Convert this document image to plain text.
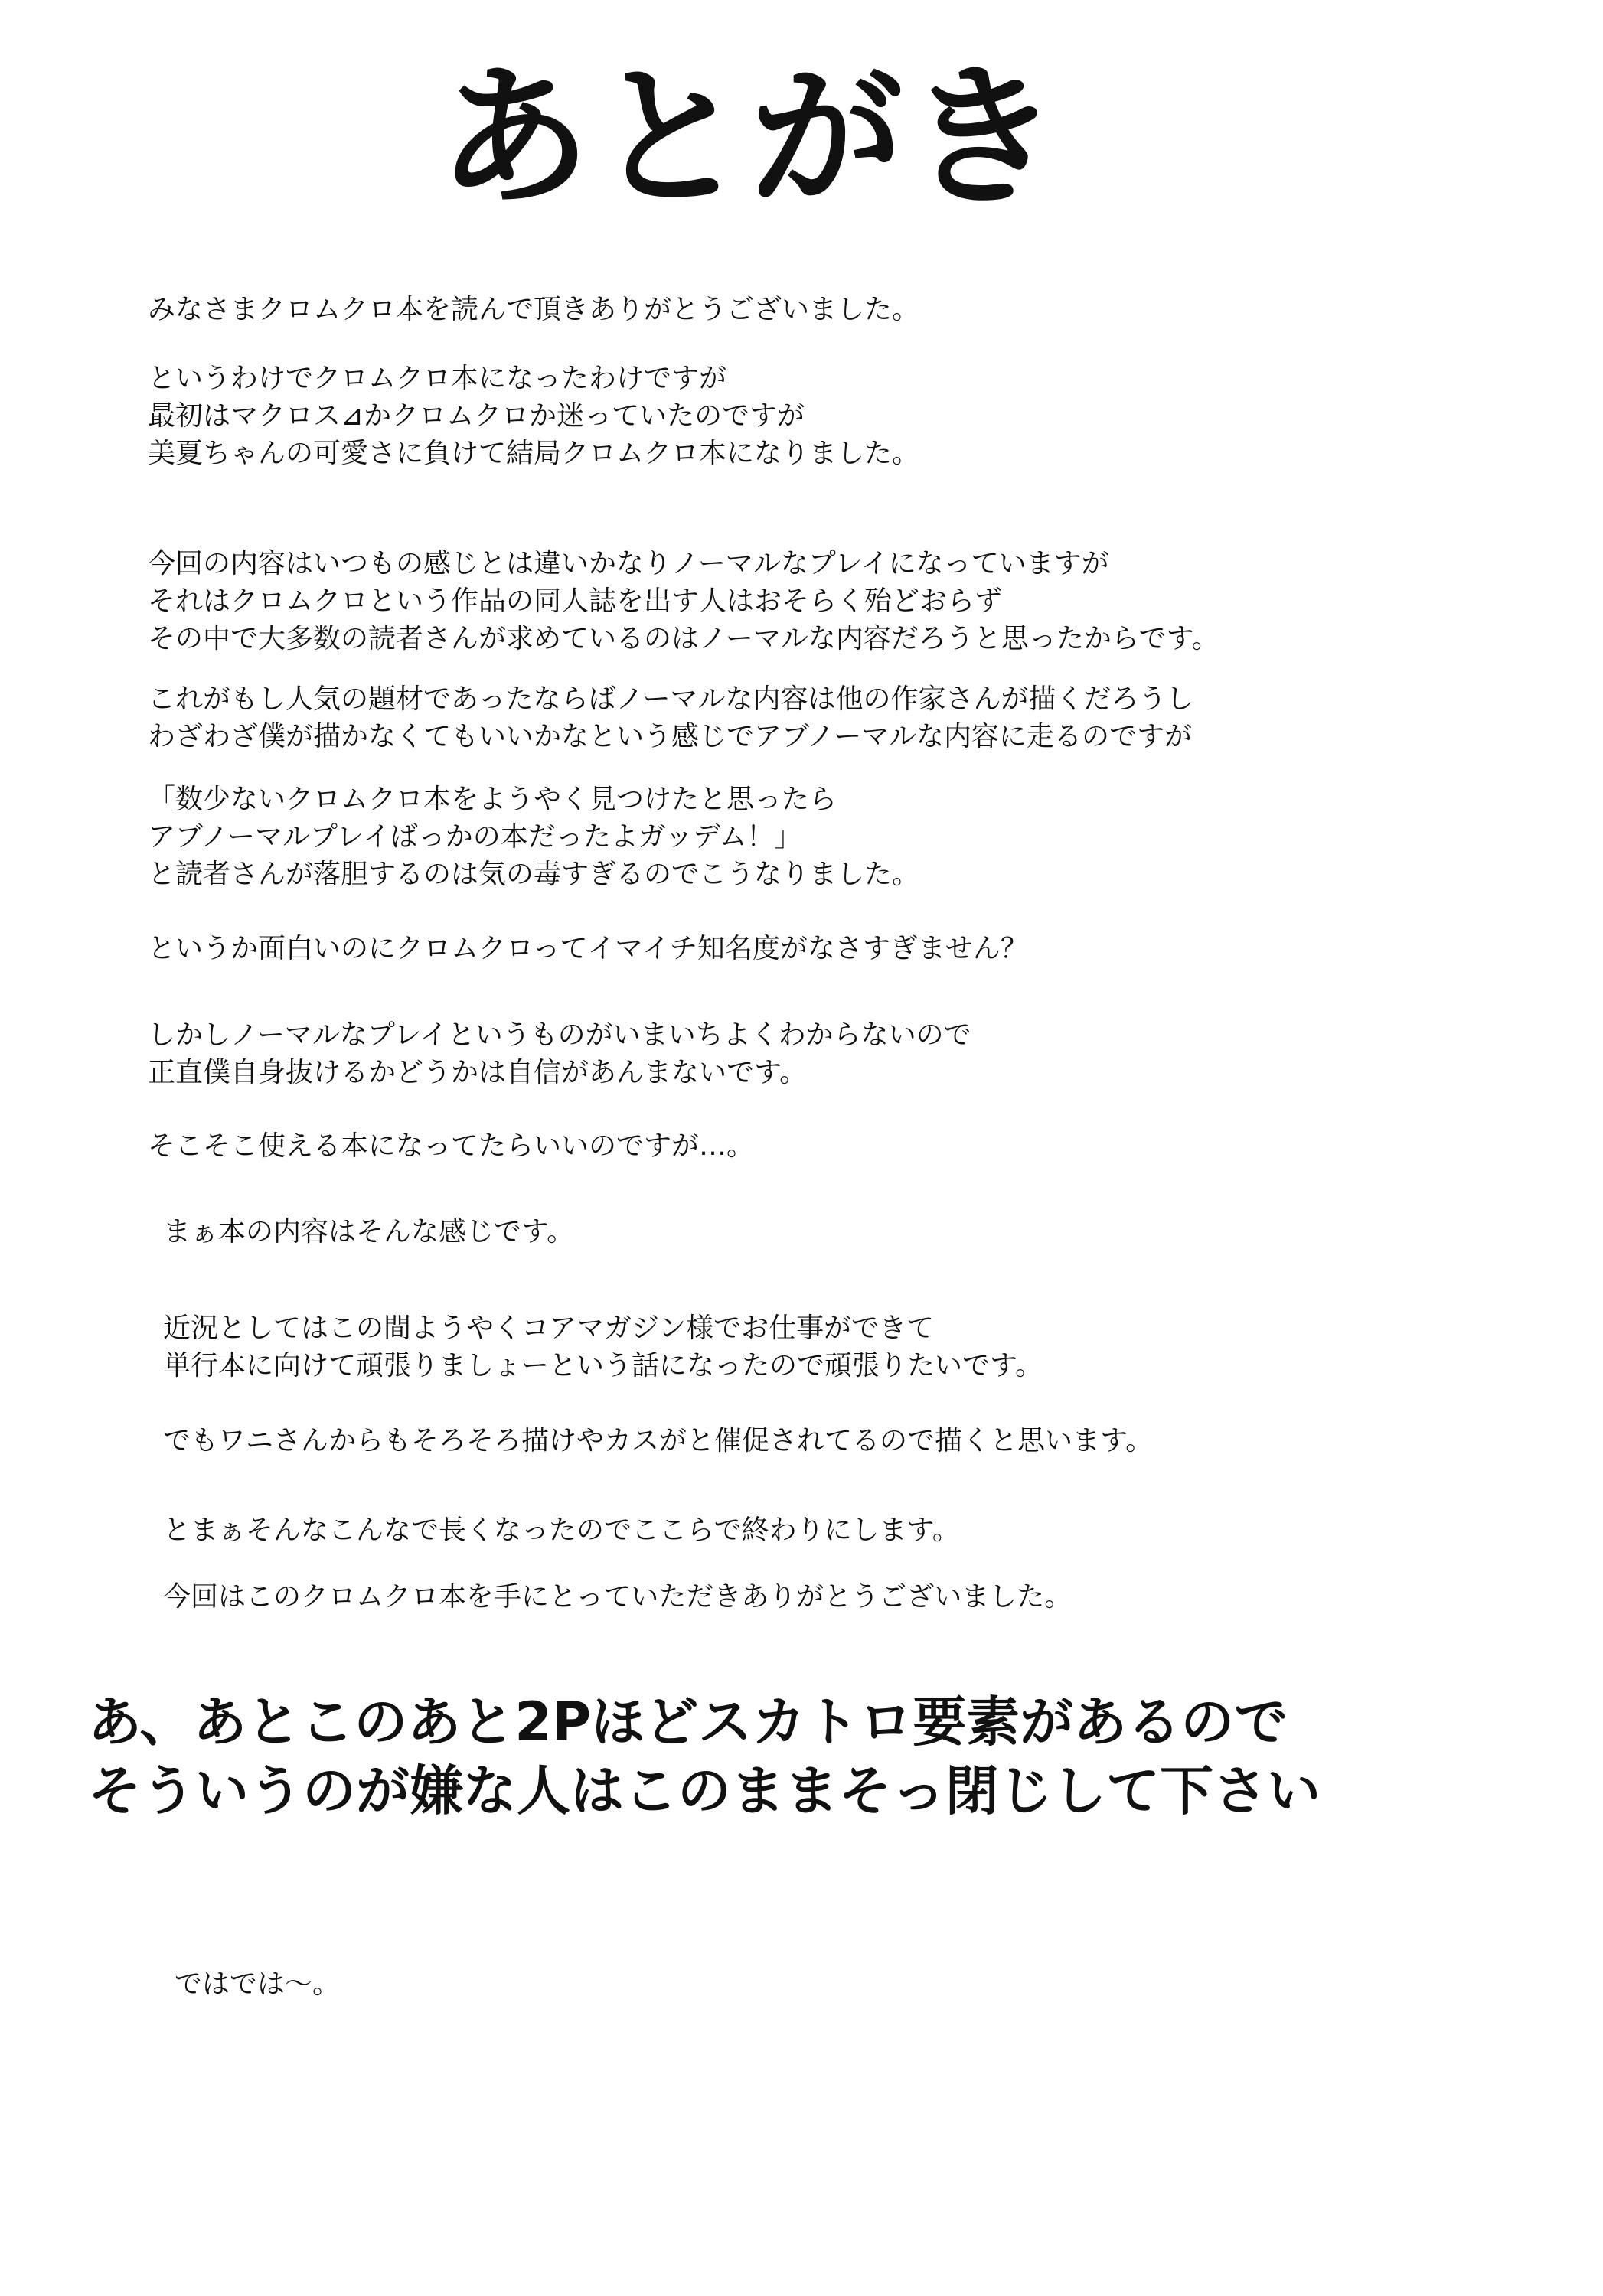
あとがき
みなさまクロムクロ本を読んで頂きありがとうございました。
というわけでクロムクロ本になったわけですが
最初はマクロス⊿かクロムクロか迷っていたのですが
美夏ちゃんの可愛さに負けて結局クロムクロ本になりました。
今回の内容はいつもの感じとは違いかなりノーマルなプレイになっていますが
それはクロムクロという作品の同人誌を出す人はおそらく殆どおらず
その中で大多数の読者さんが求めているのはノーマルな内容だろうと思ったからです。
これがもし人気の題材であったならばノーマルな内容は他の作家さんが描くだろうし
わざわざ僕が描かなくてもいいかなという感じでアブノーマルな内容に走るのですが
「数少ないクロムクロ本をようやく見つけたと思ったら
アブノーマルプレイばっかの本だったよガッデム！」
と読者さんが落胆するのは気の毒すぎるのでこうなりました。
というか面白いのにクロムクロってイマイチ知名度がなさすぎません？
しかしノーマルなプレイというものがいまいちよくわからないので
正直僕自身抜けるかどうかは自信があんまないです。
そこそこ使える本になってたらいいのですが…。
まぁ本の内容はそんな感じです。
近況としてはこの間ようやくコアマガジン様でお仕事ができて
単行本に向けて頑張りましょーという話になったので頑張りたいです。
でもワニさんからもそろそろ描けやカスがと催促されてるので描くと思います。
とまぁそんなこんなで長くなったのでここらで終わりにします。
今回はこのクロムクロ本を手にとっていただきありがとうございました。
あ、あとこのあと2Pほどスカトロ要素があるので
そういうのが嫌な人はこのままそっ閉じして下さい
ではでは～。
